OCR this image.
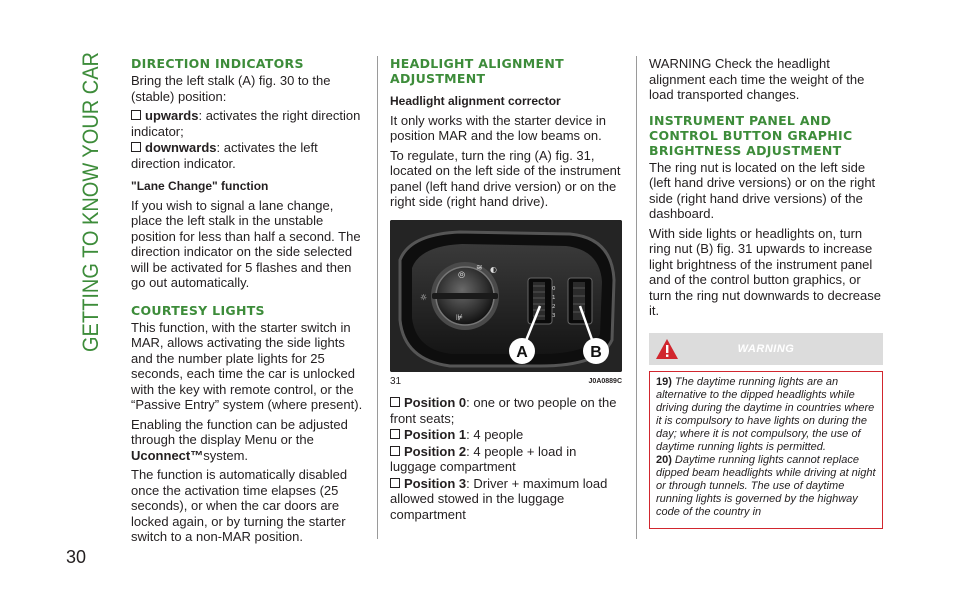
GETTING TO KNOW YOUR CAR
30
DIRECTION INDICATORS

Bring the left stalk (A) fig. 30 to the (stable) position:

upwards: activates the right direction indicator;
downwards: activates the left direction indicator.
"Lane Change" function

If you wish to signal a lane change, place the left stalk in the unstable position for less than half a second. The direction indicator on the side selected will be activated for 5 flashes and then go out automatically.

COURTESY LIGHTS

This function, with the starter switch in MAR, allows activating the side lights and the number plate lights for 25 seconds, each time the car is unlocked with the key with remote control, or the “Passive Entry” system (where present).

Enabling the function can be adjusted through the display Menu or the Uconnect™system.

The function is automatically disabled once the activation time elapses (25 seconds), or when the car doors are locked again, or by turning the starter switch to a non-MAR position.

HEADLIGHT ALIGNMENT ADJUSTMENT
Headlight alignment corrector

It only works with the starter device in position MAR and the low beams on.

To regulate, turn the ring (A) fig. 31, located on the left side of the instrument panel (left hand drive version) or on the right side (right hand drive).

⦾
≋ ◐
☼
⊯
0
1
2
3
A	B
31	J0A0889C
Position 0: one or two people on the front seats;
Position 1: 4 people
Position 2: 4 people + load in luggage compartment
Position 3: Driver + maximum load allowed stowed in the luggage compartment

WARNING Check the headlight alignment each time the weight of the load transported changes.

INSTRUMENT PANEL AND CONTROL BUTTON GRAPHIC BRIGHTNESS ADJUSTMENT

The ring nut is located on the left side (left hand drive versions) or on the right side (right hand drive versions) of the dashboard.

With side lights or headlights on, turn ring nut (B) fig. 31 upwards to increase light brightness of the instrument panel and of the control button graphics, or turn the ring nut downwards to decrease it.

WARNING

19) The daytime running lights are an alternative to the dipped headlights while driving during the daytime in countries where it is compulsory to have lights on during the day; where it is not compulsory, the use of daytime running lights is permitted.

20) Daytime running lights cannot replace dipped beam headlights while driving at night or through tunnels. The use of daytime running lights is governed by the highway code of the country in
